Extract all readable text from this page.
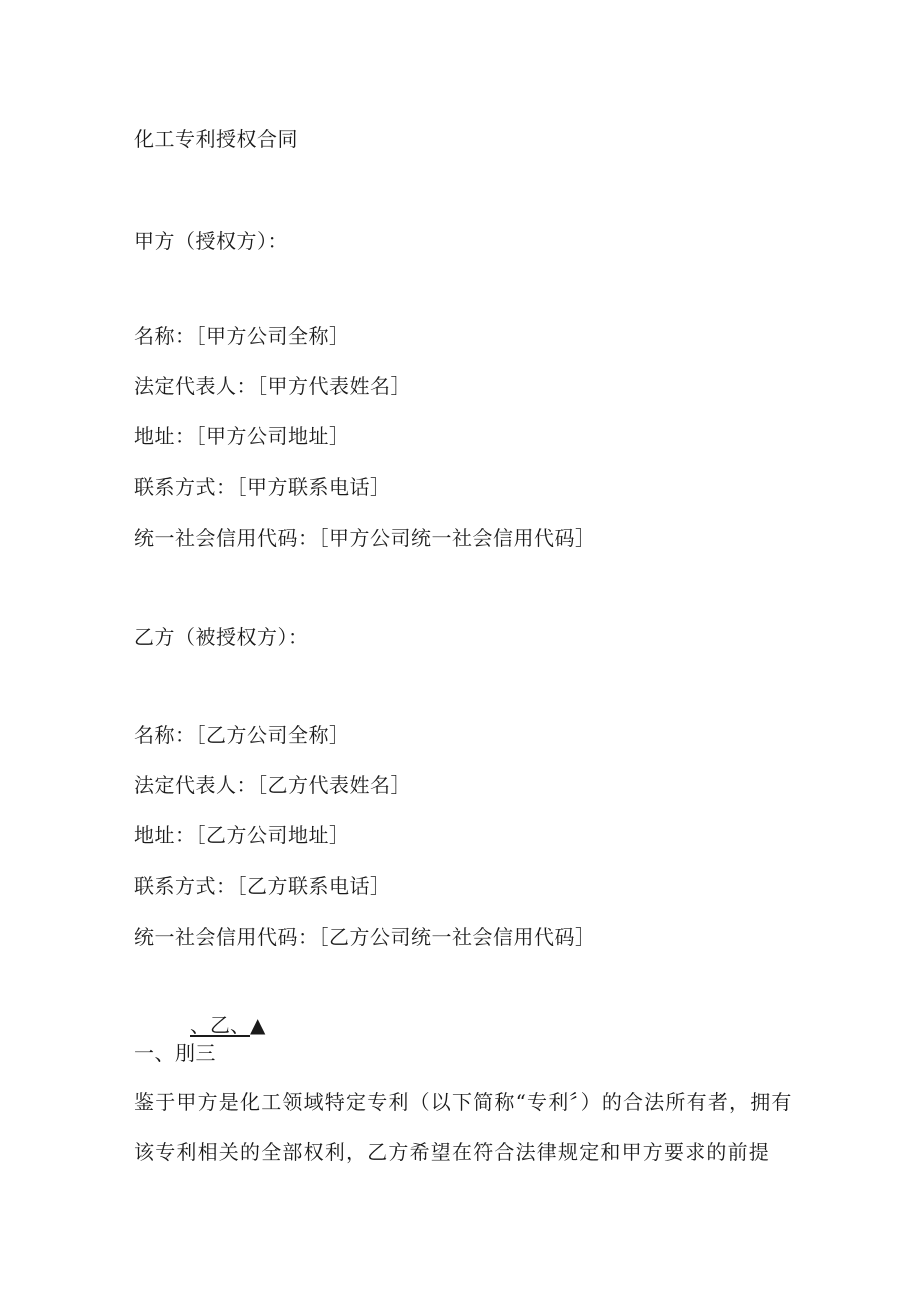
化工专利授权合同
甲方（授权方）：
名称：［甲方公司全称］
法定代表人：［甲方代表姓名］
地址：［甲方公司地址］
联系方式：［甲方联系电话］
统一社会信用代码：［甲方公司统一社会信用代码］
乙方（被授权方）：
名称：［乙方公司全称］
法定代表人：［乙方代表姓名］
地址：［乙方公司地址］
联系方式：［乙方联系电话］
统一社会信用代码：［乙方公司统一社会信用代码］
、乙、▲
一、刖三
鉴于甲方是化工领域特定专利（以下简称“专利〞）的合法所有者，拥有
该专利相关的全部权利，乙方希望在符合法律规定和甲方要求的前提
